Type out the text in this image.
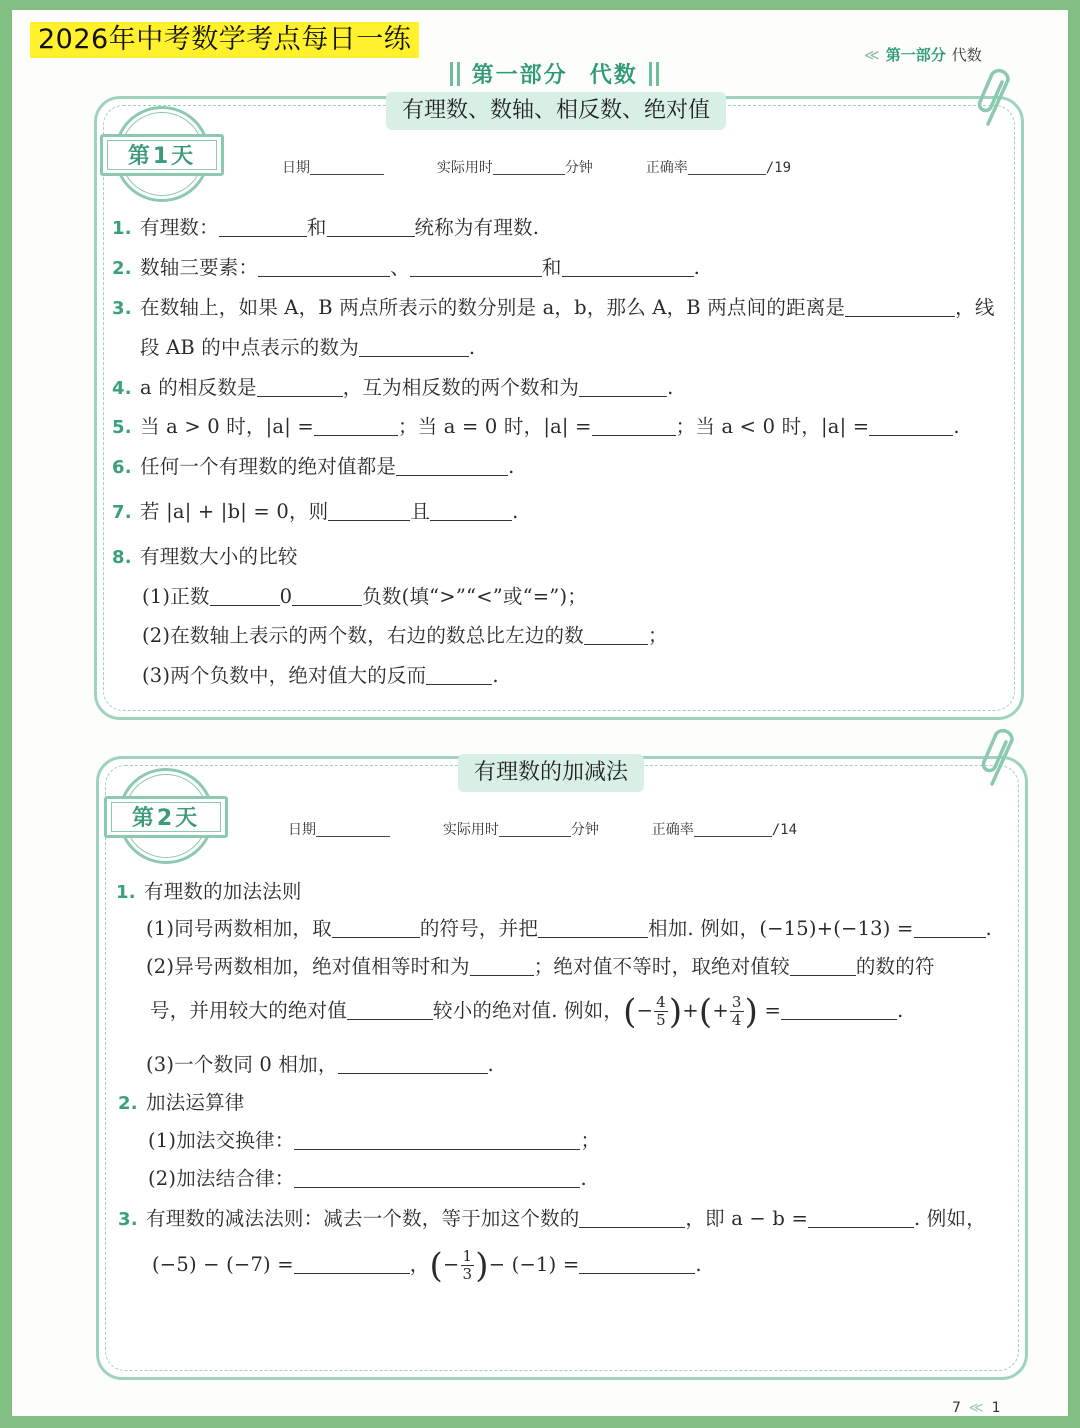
2026年中考数学考点每日一练	≪ 第一部分 代数
第一部分 代数
有理数、数轴、相反数、绝对值
第1天	日期	实际用时	分钟	正确率	/19
1. 有理数：	和	统称为有理数.
2. 数轴三要素：	、	和	.
3. 在数轴上，如果 A，B 两点所表示的数分别是 a，b，那么 A，B 两点间的距离是	，线
段 AB 的中点表示的数为	.
4. a 的相反数是	，互为相反数的两个数和为	.
5. 当 a > 0 时，|a| =	；当 a = 0 时，|a| =	；当 a < 0 时，|a| =	.
6. 任何一个有理数的绝对值都是	.
7. 若 |a| + |b| = 0，则	且	.
8. 有理数大小的比较
(1)正数	0	负数(填“>”“<”或“=”)；
(2)在数轴上表示的两个数，右边的数总比左边的数	；
(3)两个负数中，绝对值大的反而	.
有理数的加减法
第2天	日期	实际用时	分钟	正确率	/14
1. 有理数的加法法则
(1)同号两数相加，取	的符号，并把	相加. 例如，(−15)+(−13) =	.
(2)异号两数相加，绝对值相等时和为	；绝对值不等时，取绝对值较	的数的符
号，并用较大的绝对值	较小的绝对值. 例如，(− $\frac{4}{5}$ )+(+ $\frac{3}{4}$ ) =	.
(3)一个数同 0 相加，	.
2. 加法运算律
(1)加法交换律：	；
(2)加法结合律：	.
3. 有理数的减法法则：减去一个数，等于加这个数的	，即 a − b =	. 例如，
(−5) − (−7) =	，(− $\frac{1}{3}$ )− (−1) =	.
7 ≪ 1
